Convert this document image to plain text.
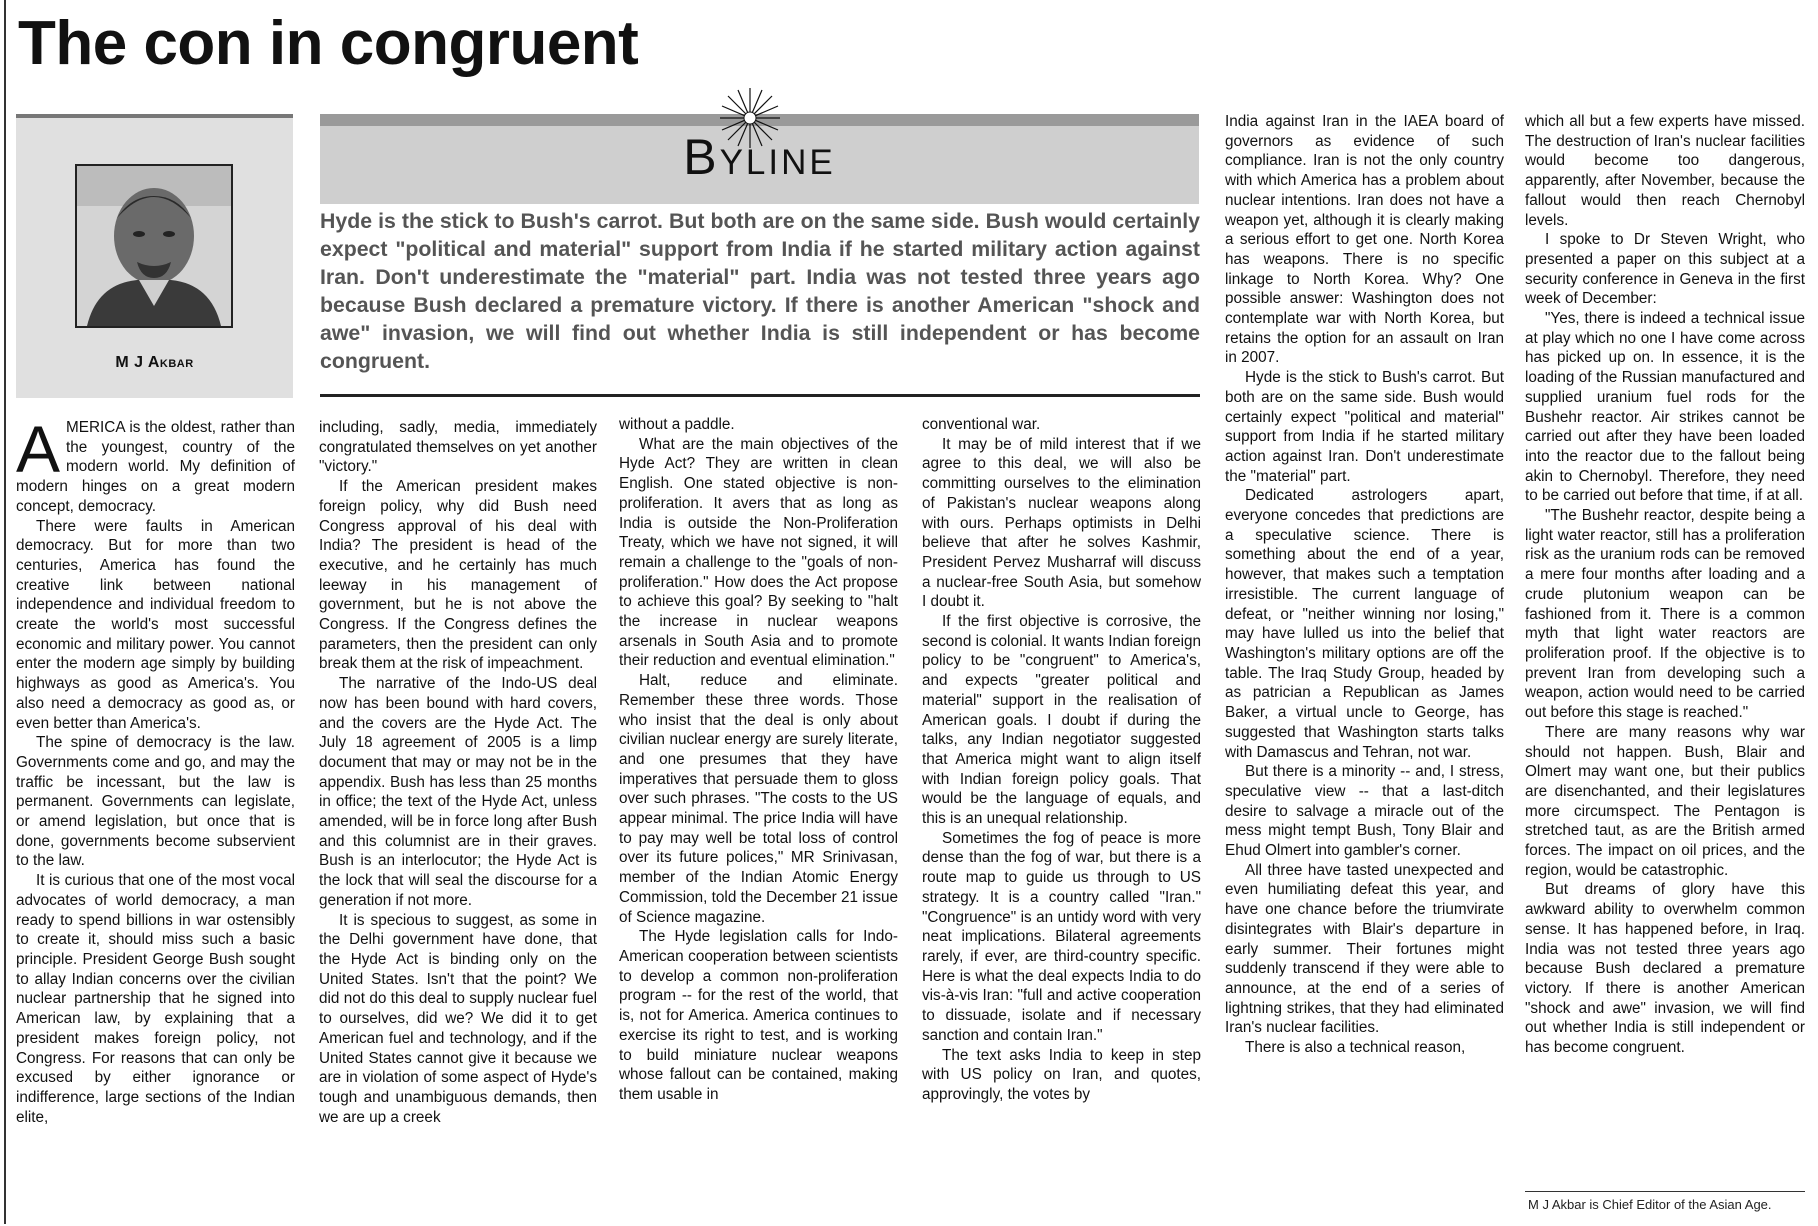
The con in congruent
M J Akbar
Byline

Hyde is the stick to Bush's carrot. But both are on the same side. Bush would certainly expect "political and material" support from India if he started military action against Iran. Don't underestimate the "material" part. India was not tested three years ago because Bush declared a premature victory. If there is another American "shock and awe" invasion, we will find out whether India is still independent or has become congruent.

AMERICA is the oldest, rather than the youngest, country of the modern world. My definition of modern hinges on a great modern concept, democracy.

There were faults in American democracy. But for more than two centuries, America has found the creative link between national independence and individual freedom to create the world's most successful economic and military power. You cannot enter the modern age simply by building highways as good as America's. You also need a democracy as good as, or even better than America's.

The spine of democracy is the law. Governments come and go, and may the traffic be incessant, but the law is permanent. Governments can legislate, or amend legislation, but once that is done, governments become subservient to the law.

It is curious that one of the most vocal advocates of world democracy, a man ready to spend billions in war ostensibly to create it, should miss such a basic principle. President George Bush sought to allay Indian concerns over the civilian nuclear partnership that he signed into American law, by explaining that a president makes foreign policy, not Congress. For reasons that can only be excused by either ignorance or indifference, large sections of the Indian elite,

including, sadly, media, immediately congratulated themselves on yet another "victory."

If the American president makes foreign policy, why did Bush need Congress approval of his deal with India? The president is head of the executive, and he certainly has much leeway in his management of government, but he is not above the Congress. If the Congress defines the parameters, then the president can only break them at the risk of impeachment.

The narrative of the Indo-US deal now has been bound with hard covers, and the covers are the Hyde Act. The July 18 agreement of 2005 is a limp document that may or may not be in the appendix. Bush has less than 25 months in office; the text of the Hyde Act, unless amended, will be in force long after Bush and this columnist are in their graves. Bush is an interlocutor; the Hyde Act is the lock that will seal the discourse for a generation if not more.

It is specious to suggest, as some in the Delhi government have done, that the Hyde Act is binding only on the United States. Isn't that the point? We did not do this deal to supply nuclear fuel to ourselves, did we? We did it to get American fuel and technology, and if the United States cannot give it because we are in violation of some aspect of Hyde's tough and unambiguous demands, then we are up a creek

without a paddle.

What are the main objectives of the Hyde Act? They are written in clean English. One stated objective is non-proliferation. It avers that as long as India is outside the Non-Proliferation Treaty, which we have not signed, it will remain a challenge to the "goals of non-proliferation." How does the Act propose to achieve this goal? By seeking to "halt the increase in nuclear weapons arsenals in South Asia and to promote their reduction and eventual elimination."

Halt, reduce and eliminate. Remember these three words. Those who insist that the deal is only about civilian nuclear energy are surely literate, and one presumes that they have imperatives that persuade them to gloss over such phrases. "The costs to the US appear minimal. The price India will have to pay may well be total loss of control over its future polices," MR Srinivasan, member of the Indian Atomic Energy Commission, told the December 21 issue of Science magazine.

The Hyde legislation calls for Indo-American cooperation between scientists to develop a common non-proliferation program -- for the rest of the world, that is, not for America. America continues to exercise its right to test, and is working to build miniature nuclear weapons whose fallout can be contained, making them usable in

conventional war.

It may be of mild interest that if we agree to this deal, we will also be committing ourselves to the elimination of Pakistan's nuclear weapons along with ours. Perhaps optimists in Delhi believe that after he solves Kashmir, President Pervez Musharraf will discuss a nuclear-free South Asia, but somehow I doubt it.

If the first objective is corrosive, the second is colonial. It wants Indian foreign policy to be "congruent" to America's, and expects "greater political and material" support in the realisation of American goals. I doubt if during the talks, any Indian negotiator suggested that America might want to align itself with Indian foreign policy goals. That would be the language of equals, and this is an unequal relationship.

Sometimes the fog of peace is more dense than the fog of war, but there is a route map to guide us through to US strategy. It is a country called "Iran." "Congruence" is an untidy word with very neat implications. Bilateral agreements rarely, if ever, are third-country specific. Here is what the deal expects India to do vis-à-vis Iran: "full and active cooperation to dissuade, isolate and if necessary sanction and contain Iran."

The text asks India to keep in step with US policy on Iran, and quotes, approvingly, the votes by

India against Iran in the IAEA board of governors as evidence of such compliance. Iran is not the only country with which America has a problem about nuclear intentions. Iran does not have a weapon yet, although it is clearly making a serious effort to get one. North Korea has weapons. There is no specific linkage to North Korea. Why? One possible answer: Washington does not contemplate war with North Korea, but retains the option for an assault on Iran in 2007.

Hyde is the stick to Bush's carrot. But both are on the same side. Bush would certainly expect "political and material" support from India if he started military action against Iran. Don't underestimate the "material" part.

Dedicated astrologers apart, everyone concedes that predictions are a speculative science. There is something about the end of a year, however, that makes such a temptation irresistible. The current language of defeat, or "neither winning nor losing," may have lulled us into the belief that Washington's military options are off the table. The Iraq Study Group, headed by as patrician a Republican as James Baker, a virtual uncle to George, has suggested that Washington starts talks with Damascus and Tehran, not war.

But there is a minority -- and, I stress, speculative view -- that a last-ditch desire to salvage a miracle out of the mess might tempt Bush, Tony Blair and Ehud Olmert into gambler's corner.

All three have tasted unexpected and even humiliating defeat this year, and have one chance before the triumvirate disintegrates with Blair's departure in early summer. Their fortunes might suddenly transcend if they were able to announce, at the end of a series of lightning strikes, that they had eliminated Iran's nuclear facilities.

There is also a technical reason,

which all but a few experts have missed. The destruction of Iran's nuclear facilities would become too dangerous, apparently, after November, because the fallout would then reach Chernobyl levels.

I spoke to Dr Steven Wright, who presented a paper on this subject at a security conference in Geneva in the first week of December:

"Yes, there is indeed a technical issue at play which no one I have come across has picked up on. In essence, it is the loading of the Russian manufactured and supplied uranium fuel rods for the Bushehr reactor. Air strikes cannot be carried out after they have been loaded into the reactor due to the fallout being akin to Chernobyl. Therefore, they need to be carried out before that time, if at all.

"The Bushehr reactor, despite being a light water reactor, still has a proliferation risk as the uranium rods can be removed a mere four months after loading and a crude plutonium weapon can be fashioned from it. There is a common myth that light water reactors are proliferation proof. If the objective is to prevent Iran from developing such a weapon, action would need to be carried out before this stage is reached."

There are many reasons why war should not happen. Bush, Blair and Olmert may want one, but their publics are disenchanted, and their legislatures more circumspect. The Pentagon is stretched taut, as are the British armed forces. The impact on oil prices, and the region, would be catastrophic.

But dreams of glory have this awkward ability to overwhelm common sense. It has happened before, in Iraq. India was not tested three years ago because Bush declared a premature victory. If there is another American "shock and awe" invasion, we will find out whether India is still independent or has become congruent.

M J Akbar is Chief Editor of the Asian Age.
